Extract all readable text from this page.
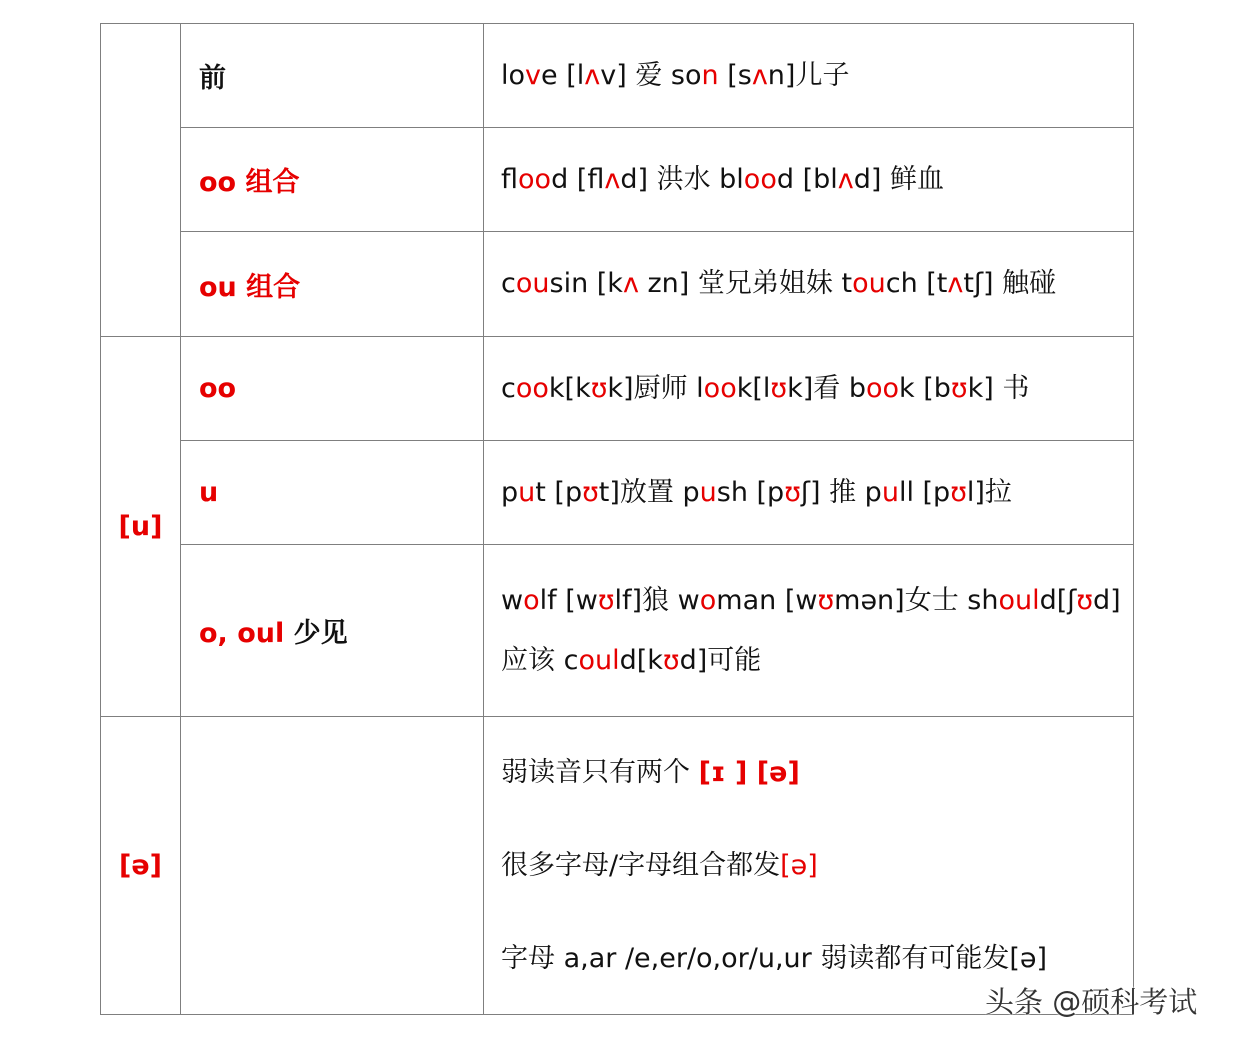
	前	love [lʌv] 爱 son [sʌn]儿子

	oo 组合	flood [flʌd] 洪水 blood [blʌd] 鲜血

	ou 组合	cousin [kʌ zn] 堂兄弟姐妹 touch [tʌtʃ] 触碰

[u]	oo	cook[kʊk]厨师 look[lʊk]看 book [bʊk] 书

	u	put [pʊt]放置 push [pʊʃ] 推 pull [pʊl]拉

	o, oul 少见	wolf [wʊlf]狼 woman [wʊmən]女士 should[ʃʊd]
应该 could[kʊd]可能

[ə]		弱读音只有两个 [ɪ ] [ə]
很多字母/字母组合都发[ə]
字母 a,ar /e,er/o,or/u,ur 弱读都有可能发[ə]
头条 @硕科考试
